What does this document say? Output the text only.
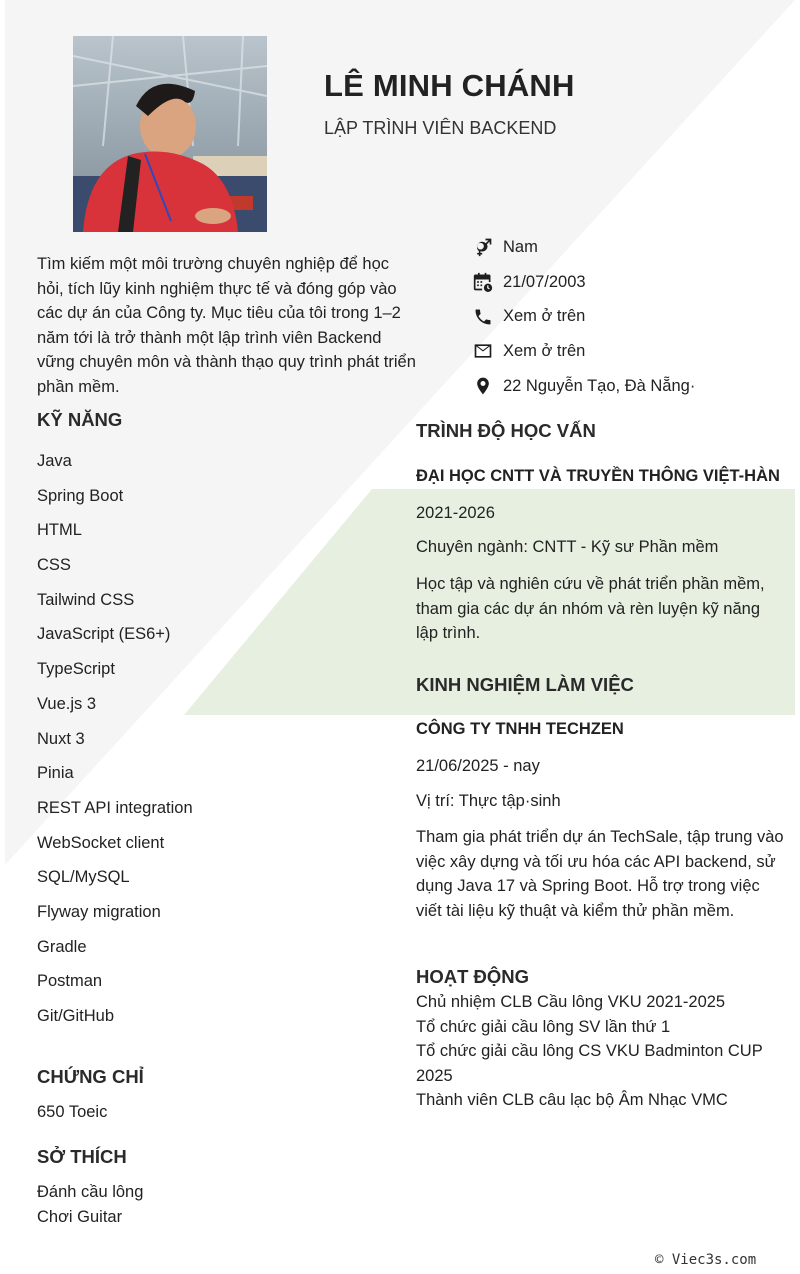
LÊ MINH CHÁNH
LẬP TRÌNH VIÊN BACKEND

Tìm kiếm một môi trường chuyên nghiệp để học hỏi, tích lũy kinh nghiệm thực tế và đóng góp vào các dự án của Công ty. Mục tiêu của tôi trong 1–2 năm tới là trở thành một lập trình viên Backend vững chuyên môn và thành thạo quy trình phát triển phần mềm.

Nam
21/07/2003
Xem ở trên
Xem ở trên
22 Nguyễn Tạo, Đà Nẵng·
KỸ NĂNG
Java
Spring Boot
HTML
CSS
Tailwind CSS
JavaScript (ES6+)
TypeScript
Vue.js 3
Nuxt 3
Pinia
REST API integration
WebSocket client
SQL/MySQL
Flyway migration
Gradle
Postman
Git/GitHub
CHỨNG CHỈ
650 Toeic
SỞ THÍCH
Đánh cầu lông
Chơi Guitar
TRÌNH ĐỘ HỌC VẤN
ĐẠI HỌC CNTT VÀ TRUYỀN THÔNG VIỆT-HÀN
2021-2026
Chuyên ngành: CNTT - Kỹ sư Phần mềm

Học tập và nghiên cứu về phát triển phần mềm, tham gia các dự án nhóm và rèn luyện kỹ năng lập trình.

KINH NGHIỆM LÀM VIỆC
CÔNG TY TNHH TECHZEN
21/06/2025 - nay
Vị trí: Thực tập·sinh

Tham gia phát triển dự án TechSale, tập trung vào việc xây dựng và tối ưu hóa các API backend, sử dụng Java 17 và Spring Boot. Hỗ trợ trong việc viết tài liệu kỹ thuật và kiểm thử phần mềm.

HOẠT ĐỘNG
Chủ nhiệm CLB Cầu lông VKU 2021-2025
Tổ chức giải cầu lông SV lần thứ 1
Tổ chức giải cầu lông CS VKU Badminton CUP 2025
Thành viên CLB câu lạc bộ Âm Nhạc VMC
© Viec3s.com
